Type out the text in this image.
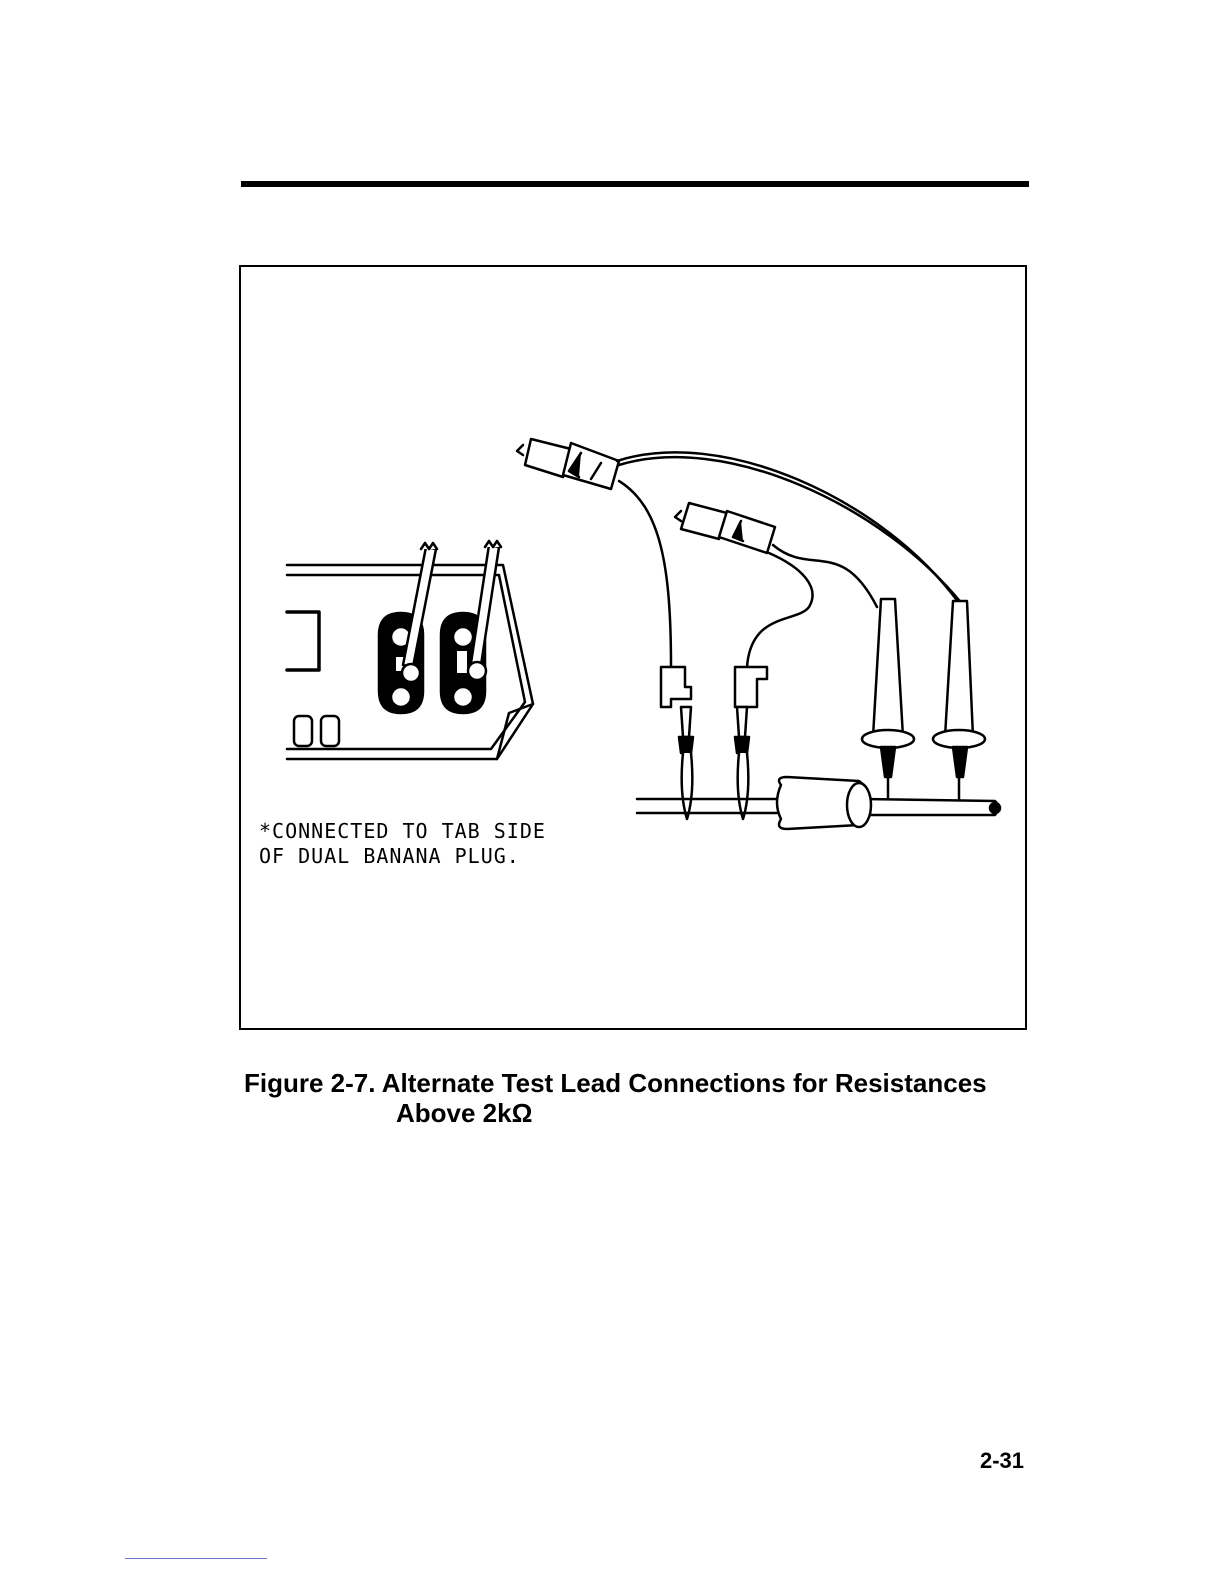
*CONNECTED TO TAB SIDE
OF DUAL BANANA PLUG.

Figure 2-7. Alternate Test Lead Connections for Resistances
Above 2kΩ

2-31
